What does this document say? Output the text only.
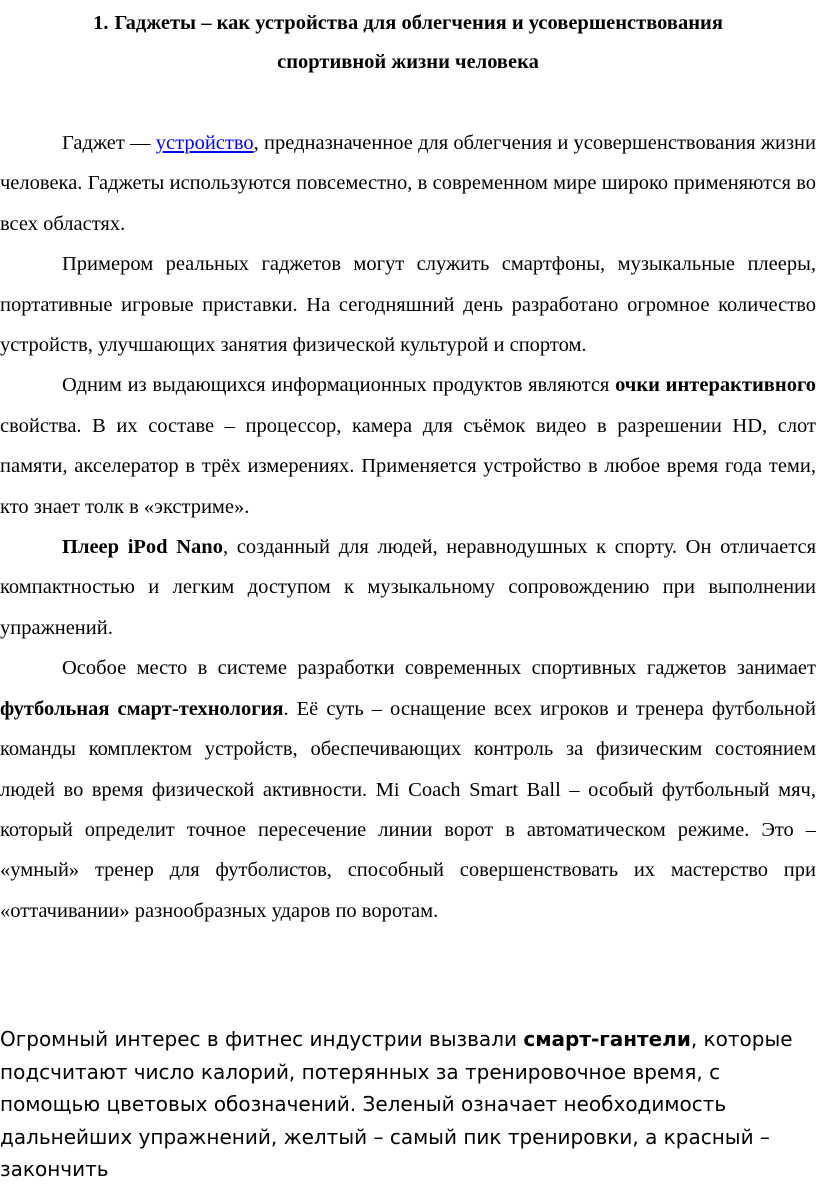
1. Гаджеты – как устройства для облегчения и усовершенствования
спортивной жизни человека

Гаджет — устройство, предназначенное для облегчения и усовершенствования жизни человека. Гаджеты используются повсеместно, в современном мире широко применяются во всех областях.

Примером реальных гаджетов могут служить смартфоны, музыкальные плееры, портативные игровые приставки. На сегодняшний день разработано огромное количество устройств, улучшающих занятия физической культурой и спортом.

Одним из выдающихся информационных продуктов являются очки интерактивного свойства. В их составе – процессор, камера для съёмок видео в разрешении HD, слот памяти, акселератор в трёх измерениях. Применяется устройство в любое время года теми, кто знает толк в «экстриме».

Плеер iPod Nano, созданный для людей, неравнодушных к спорту. Он отличается компактностью и легким доступом к музыкальному сопровождению при выполнении упражнений.

Особое место в системе разработки современных спортивных гаджетов занимает футбольная смарт-технология. Её суть – оснащение всех игроков и тренера футбольной команды комплектом устройств, обеспечивающих контроль за физическим состоянием людей во время физической активности. Mi Coach Smart Ball – особый футбольный мяч, который определит точное пересечение линии ворот в автоматическом режиме. Это – «умный» тренер для футболистов, способный совершенствовать их мастерство при «оттачивании» разнообразных ударов по воротам.

Огромный интерес в фитнес индустрии вызвали смарт-гантели, которые подсчитают число калорий, потерянных за тренировочное время, с помощью цветовых обозначений. Зеленый означает необходимость дальнейших упражнений, желтый – самый пик тренировки, а красный – закончить
